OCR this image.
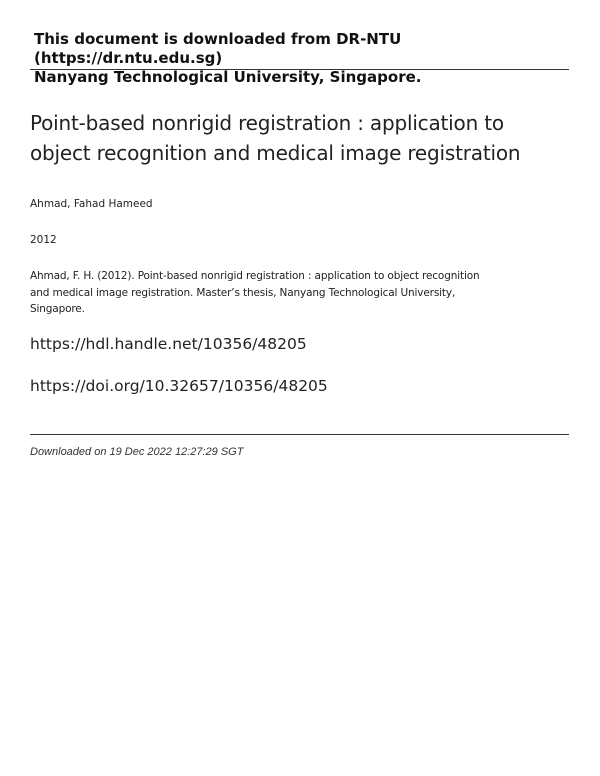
This document is downloaded from DR‑NTU (https://dr.ntu.edu.sg)
Nanyang Technological University, Singapore.
Point‑based nonrigid registration : application to
object recognition and medical image registration
Ahmad, Fahad Hameed
2012
Ahmad, F. H. (2012). Point‑based nonrigid registration : application to object recognition
and medical image registration. Master’s thesis, Nanyang Technological University,
Singapore.
https://hdl.handle.net/10356/48205
https://doi.org/10.32657/10356/48205
Downloaded on 19 Dec 2022 12:27:29 SGT
